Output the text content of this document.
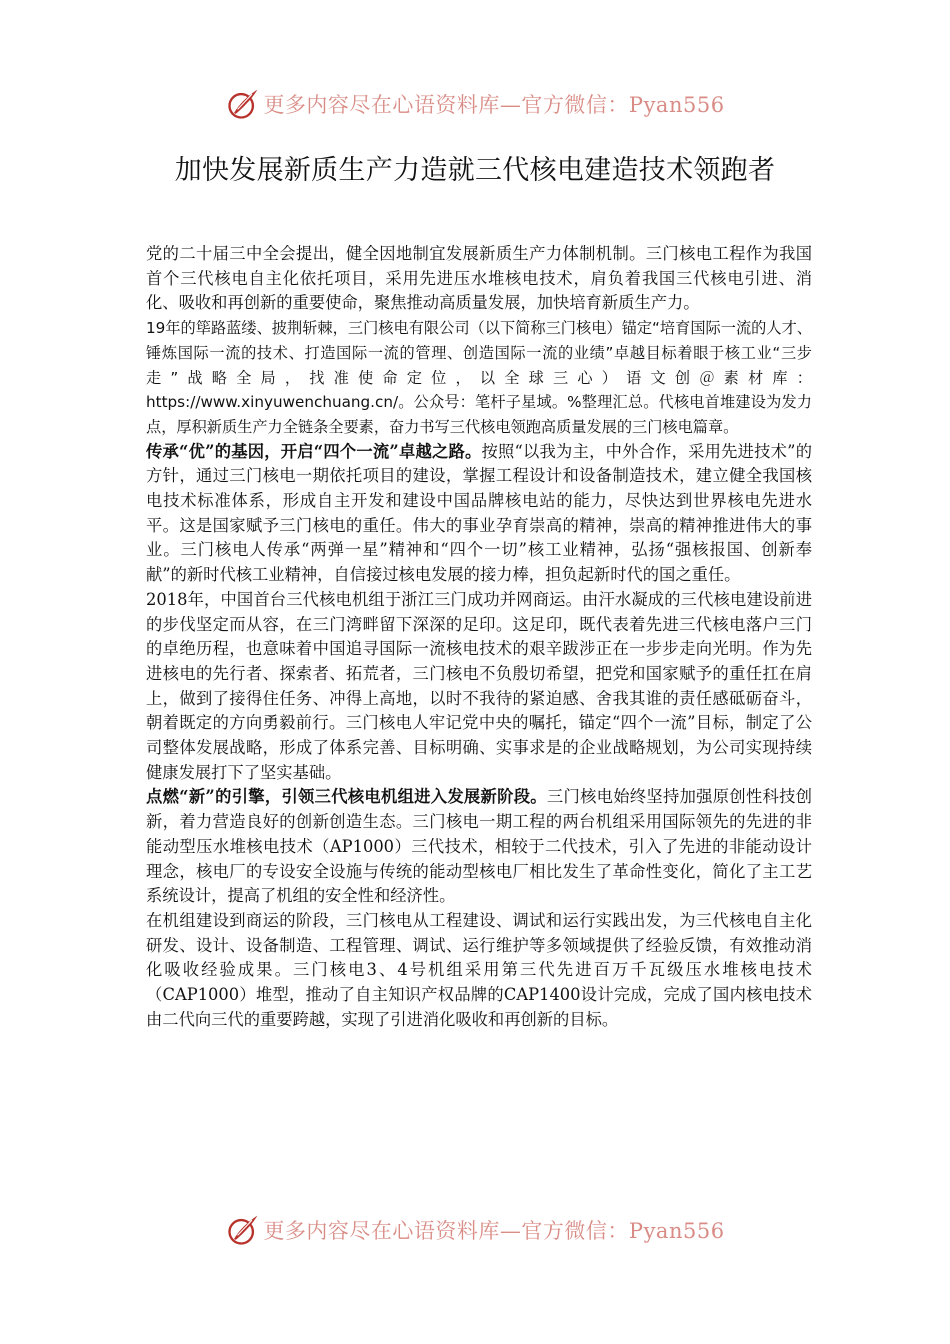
更多内容尽在心语资料库—官方微信：Pyan556
加快发展新质生产力造就三代核电建造技术领跑者

党的二十届三中全会提出，健全因地制宜发展新质生产力体制机制。三门核电工程作为我国首个三代核电自主化依托项目，采用先进压水堆核电技术，肩负着我国三代核电引进、消化、吸收和再创新的重要使命，聚焦推动高质量发展，加快培育新质生产力。

19年的筚路蓝缕、披荆斩棘，三门核电有限公司（以下简称三门核电）锚定“培育国际一流的人才、锤炼国际一流的技术、打造国际一流的管理、创造国际一流的业绩”卓越目标着眼于核工业“三步走”战略全局，找准使命定位，以全球三心）语文创＠素材库：https://www.xinyuwenchuang.cn/。公众号：笔杆子星域。%整理汇总。代核电首堆建设为发力点，厚积新质生产力全链条全要素，奋力书写三代核电领跑高质量发展的三门核电篇章。

传承“优”的基因，开启“四个一流”卓越之路。按照“以我为主，中外合作，采用先进技术”的方针，通过三门核电一期依托项目的建设，掌握工程设计和设备制造技术，建立健全我国核电技术标准体系，形成自主开发和建设中国品牌核电站的能力，尽快达到世界核电先进水平。这是国家赋予三门核电的重任。伟大的事业孕育崇高的精神，崇高的精神推进伟大的事业。三门核电人传承“两弹一星”精神和“四个一切”核工业精神，弘扬“强核报国、创新奉献”的新时代核工业精神，自信接过核电发展的接力棒，担负起新时代的国之重任。

2018年，中国首台三代核电机组于浙江三门成功并网商运。由汗水凝成的三代核电建设前进的步伐坚定而从容，在三门湾畔留下深深的足印。这足印，既代表着先进三代核电落户三门的卓绝历程，也意味着中国追寻国际一流核电技术的艰辛跋涉正在一步步走向光明。作为先进核电的先行者、探索者、拓荒者，三门核电不负殷切希望，把党和国家赋予的重任扛在肩上，做到了接得住任务、冲得上高地，以时不我待的紧迫感、舍我其谁的责任感砥砺奋斗，朝着既定的方向勇毅前行。三门核电人牢记党中央的嘱托，锚定“四个一流”目标，制定了公司整体发展战略，形成了体系完善、目标明确、实事求是的企业战略规划，为公司实现持续健康发展打下了坚实基础。

点燃“新”的引擎，引领三代核电机组进入发展新阶段。三门核电始终坚持加强原创性科技创新，着力营造良好的创新创造生态。三门核电一期工程的两台机组采用国际领先的先进的非能动型压水堆核电技术（AP1000）三代技术，相较于二代技术，引入了先进的非能动设计理念，核电厂的专设安全设施与传统的能动型核电厂相比发生了革命性变化，简化了主工艺系统设计，提高了机组的安全性和经济性。

在机组建设到商运的阶段，三门核电从工程建设、调试和运行实践出发，为三代核电自主化研发、设计、设备制造、工程管理、调试、运行维护等多领域提供了经验反馈，有效推动消化吸收经验成果。三门核电3、4号机组采用第三代先进百万千瓦级压水堆核电技术（CAP1000）堆型，推动了自主知识产权品牌的CAP1400设计完成，完成了国内核电技术由二代向三代的重要跨越，实现了引进消化吸收和再创新的目标。

更多内容尽在心语资料库—官方微信：Pyan556
